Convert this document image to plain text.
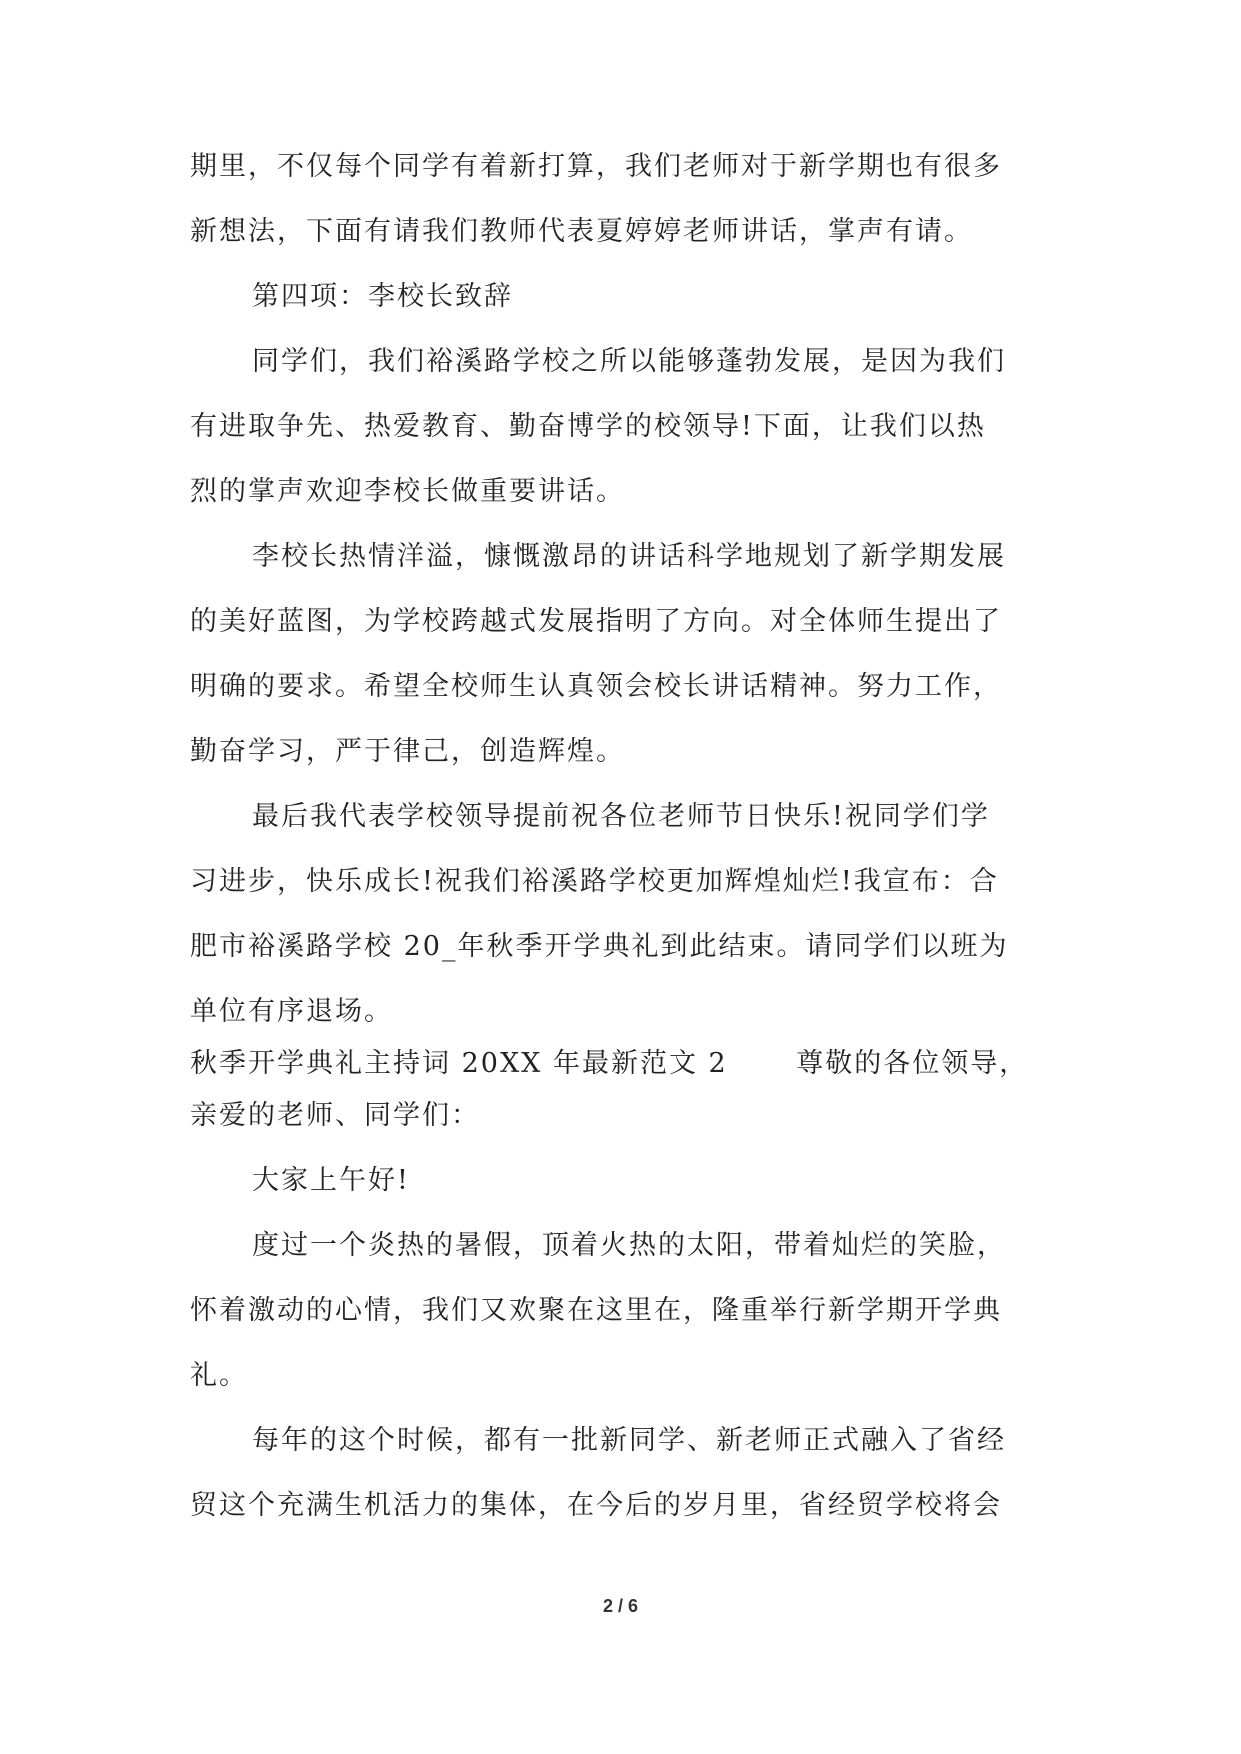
期里，不仅每个同学有着新打算，我们老师对于新学期也有很多
新想法，下面有请我们教师代表夏婷婷老师讲话，掌声有请。
第四项：李校长致辞
同学们，我们裕溪路学校之所以能够蓬勃发展，是因为我们
有进取争先、热爱教育、勤奋博学的校领导!下面，让我们以热
烈的掌声欢迎李校长做重要讲话。
李校长热情洋溢，慷慨激昂的讲话科学地规划了新学期发展
的美好蓝图，为学校跨越式发展指明了方向。对全体师生提出了
明确的要求。希望全校师生认真领会校长讲话精神。努力工作，
勤奋学习，严于律己，创造辉煌。
最后我代表学校领导提前祝各位老师节日快乐!祝同学们学
习进步，快乐成长!祝我们裕溪路学校更加辉煌灿烂!我宣布：合
肥市裕溪路学校 20_年秋季开学典礼到此结束。请同学们以班为
单位有序退场。
秋季开学典礼主持词 20XX 年最新范文 2　　 尊敬的各位领导，
亲爱的老师、同学们：
大家上午好!
度过一个炎热的暑假，顶着火热的太阳，带着灿烂的笑脸，
怀着激动的心情，我们又欢聚在这里在，隆重举行新学期开学典
礼。
每年的这个时候，都有一批新同学、新老师正式融入了省经
贸这个充满生机活力的集体，在今后的岁月里，省经贸学校将会
2 / 6
